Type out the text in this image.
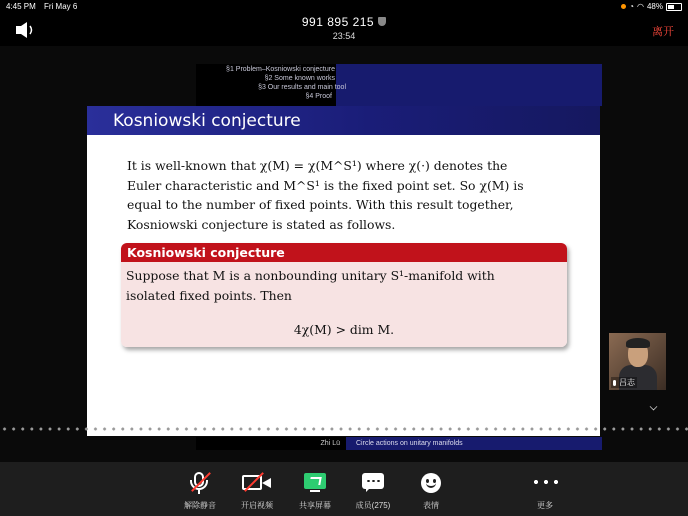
4:45 PM Fri May 6	◔ ◠ 48%
991 895 215
23:54	离开
§1 Problem–Kosniowski conjecture
§2 Some known works
§3 Our results and main tool
§4 Proof
Kosniowski conjecture
It is well-known that χ(M) = χ(M^S¹) where χ(·) denotes the
Euler characteristic and M^S¹ is the fixed point set. So χ(M) is
equal to the number of fixed points. With this result together,
Kosniowski conjecture is stated as follows.
Kosniowski conjecture
Suppose that M is a nonbounding unitary S¹-manifold with
isolated fixed points. Then
4χ(M) > dim M.
Zhi Lü	Circle actions on unitary manifolds
吕志
解除静音	开启视频	共享屏幕	成员(275)	表情	更多
